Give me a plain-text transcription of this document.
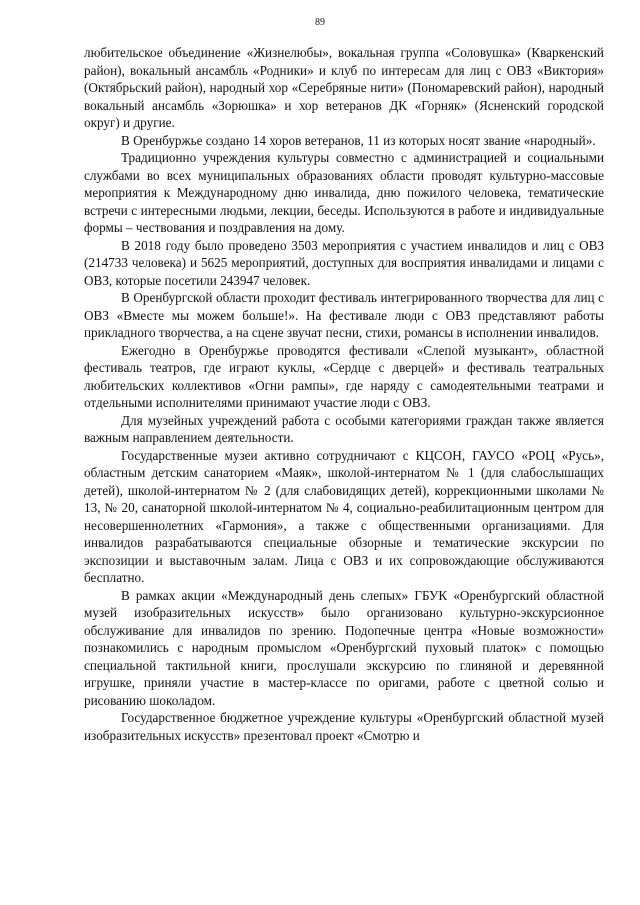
89

любительское объединение «Жизнелюбы», вокальная группа «Соловушка» (Кваркенский район), вокальный ансамбль «Родники» и клуб по интересам для лиц с ОВЗ «Виктория» (Октябрьский район), народный хор «Серебряные нити» (Пономаревский район), народный вокальный ансамбль «Зорюшка» и хор ветеранов ДК «Горняк» (Ясненский городской округ) и другие.

В Оренбуржье создано 14 хоров ветеранов, 11 из которых носят звание «народный».

Традиционно учреждения культуры совместно с администрацией и социальными службами во всех муниципальных образованиях области проводят культурно-массовые мероприятия к Международному дню инвалида, дню пожилого человека, тематические встречи с интересными людьми, лекции, беседы. Используются в работе и индивидуальные формы – чествования и поздравления на дому.

В 2018 году было проведено 3503 мероприятия с участием инвалидов и лиц с ОВЗ (214733 человека) и 5625 мероприятий, доступных для восприятия инвалидами и лицами с ОВЗ, которые посетили 243947 человек.

В Оренбургской области проходит фестиваль интегрированного творчества для лиц с ОВЗ «Вместе мы можем больше!». На фестивале люди с ОВЗ представляют работы прикладного творчества, а на сцене звучат песни, стихи, романсы в исполнении инвалидов.

Ежегодно в Оренбуржье проводятся фестивали «Слепой музыкант», областной фестиваль театров, где играют куклы, «Сердце с дверцей» и фестиваль театральных любительских коллективов «Огни рампы», где наряду с самодеятельными театрами и отдельными исполнителями принимают участие люди с ОВЗ.

Для музейных учреждений работа с особыми категориями граждан также является важным направлением деятельности.

Государственные музеи активно сотрудничают с КЦСОН, ГАУСО «РОЦ «Русь», областным детским санаторием «Маяк», школой-интернатом № 1 (для слабослышащих детей), школой-интернатом № 2 (для слабовидящих детей), коррекционными школами № 13, № 20, санаторной школой-интернатом № 4, социально-реабилитационным центром для несовершеннолетних «Гармония», а также с общественными организациями. Для инвалидов разрабатываются специальные обзорные и тематические экскурсии по экспозиции и выставочным залам. Лица с ОВЗ и их сопровождающие обслуживаются бесплатно.

В рамках акции «Международный день слепых» ГБУК «Оренбургский областной музей изобразительных искусств» было организовано культурно-экскурсионное обслуживание для инвалидов по зрению. Подопечные центра «Новые возможности» познакомились с народным промыслом «Оренбургский пуховый платок» с помощью специальной тактильной книги, прослушали экскурсию по глиняной и деревянной игрушке, приняли участие в мастер-классе по оригами, работе с цветной солью и рисованию шоколадом.

Государственное бюджетное учреждение культуры «Оренбургский областной музей изобразительных искусств» презентовал проект «Смотрю и
